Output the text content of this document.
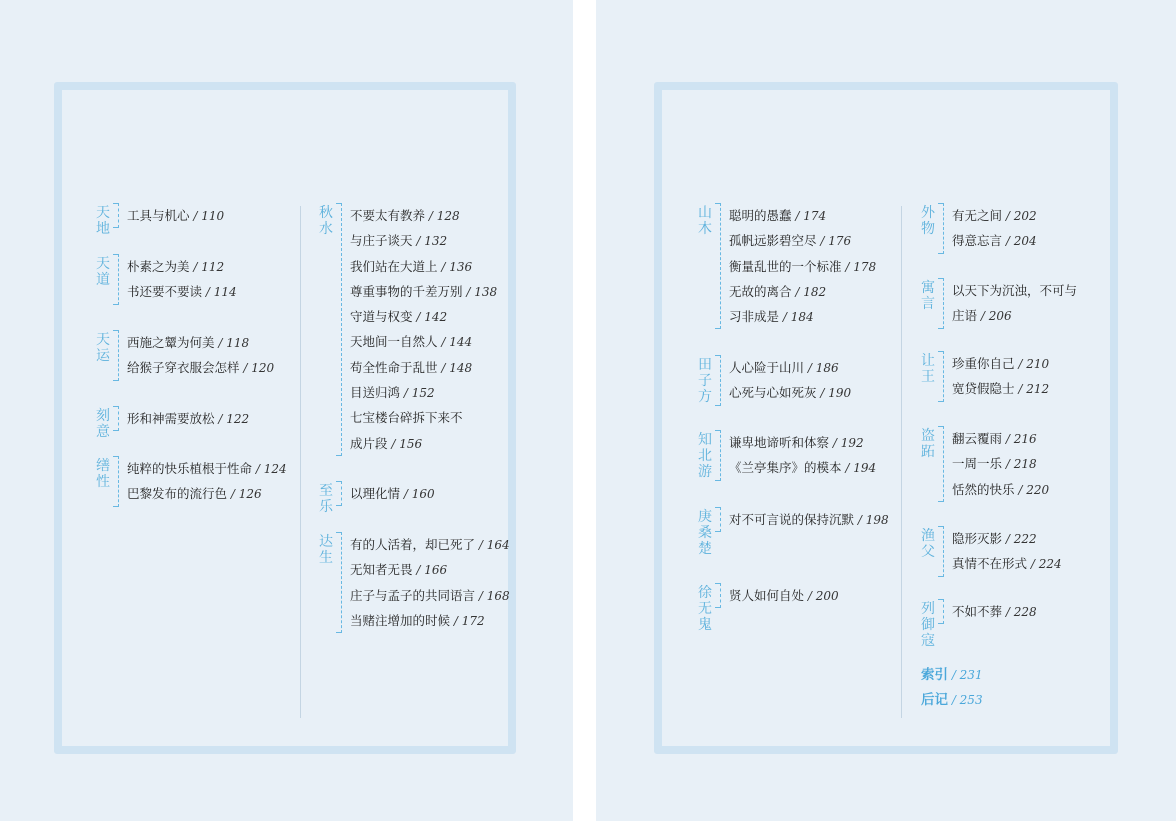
天地
工具与机心 / 110
天道
朴素之为美 / 112
书还要不要读 / 114
天运
西施之颦为何美 / 118
给猴子穿衣服会怎样 / 120
刻意
形和神需要放松 / 122
缮性
纯粹的快乐植根于性命 / 124
巴黎发布的流行色 / 126
秋水
不要太有教养 / 128
与庄子谈天 / 132
我们站在大道上 / 136
尊重事物的千差万别 / 138
守道与权变 / 142
天地间一自然人 / 144
苟全性命于乱世 / 148
目送归鸿 / 152
七宝楼台碎拆下来不
成片段 / 156
至乐
以理化情 / 160
达生
有的人活着，却已死了 / 164
无知者无畏 / 166
庄子与孟子的共同语言 / 168
当赌注增加的时候 / 172
山木
聪明的愚蠢 / 174
孤帆远影碧空尽 / 176
衡量乱世的一个标准 / 178
无故的离合 / 182
习非成是 / 184
田子方
人心险于山川 / 186
心死与心如死灰 / 190
知北游
谦卑地谛听和体察 / 192
《兰亭集序》的模本 / 194
庚桑楚
对不可言说的保持沉默 / 198
徐无鬼
贤人如何自处 / 200
外物
有无之间 / 202
得意忘言 / 204
寓言
以天下为沉浊，不可与
庄语 / 206
让王
珍重你自己 / 210
宽贷假隐士 / 212
盗跖
翻云覆雨 / 216
一周一乐 / 218
恬然的快乐 / 220
渔父
隐形灭影 / 222
真情不在形式 / 224
列御寇
不如不葬 / 228
索引 / 231
后记 / 253
